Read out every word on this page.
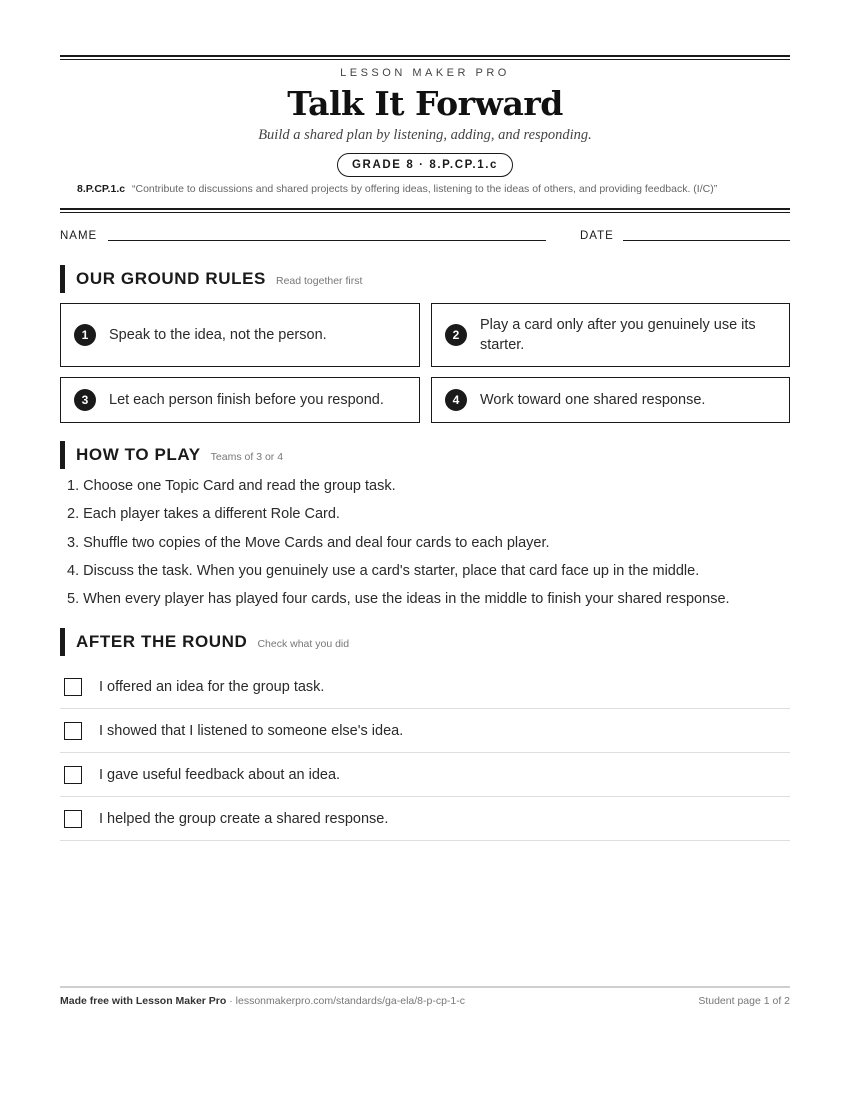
LESSON MAKER PRO
Talk It Forward
Build a shared plan by listening, adding, and responding.
GRADE 8 · 8.P.CP.1.c
8.P.CP.1.c “Contribute to discussions and shared projects by offering ideas, listening to the ideas of others, and providing feedback. (I/C)”
NAME	DATE
OUR GROUND RULES Read together first
1	Speak to the idea, not the person.	2
Play a card only after you genuinely use its starter.
3	Let each person finish before you respond.	4	Work toward one shared response.
HOW TO PLAY Teams of 3 or 4
1. Choose one Topic Card and read the group task.
2. Each player takes a different Role Card.
3. Shuffle two copies of the Move Cards and deal four cards to each player.
4. Discuss the task. When you genuinely use a card's starter, place that card face up in the middle.
5. When every player has played four cards, use the ideas in the middle to finish your shared response.
AFTER THE ROUND Check what you did
I offered an idea for the group task.
I showed that I listened to someone else's idea.
I gave useful feedback about an idea.
I helped the group create a shared response.
Made free with Lesson Maker Pro · lessonmakerpro.com/standards/ga-ela/8-p-cp-1-c	Student page 1 of 2
